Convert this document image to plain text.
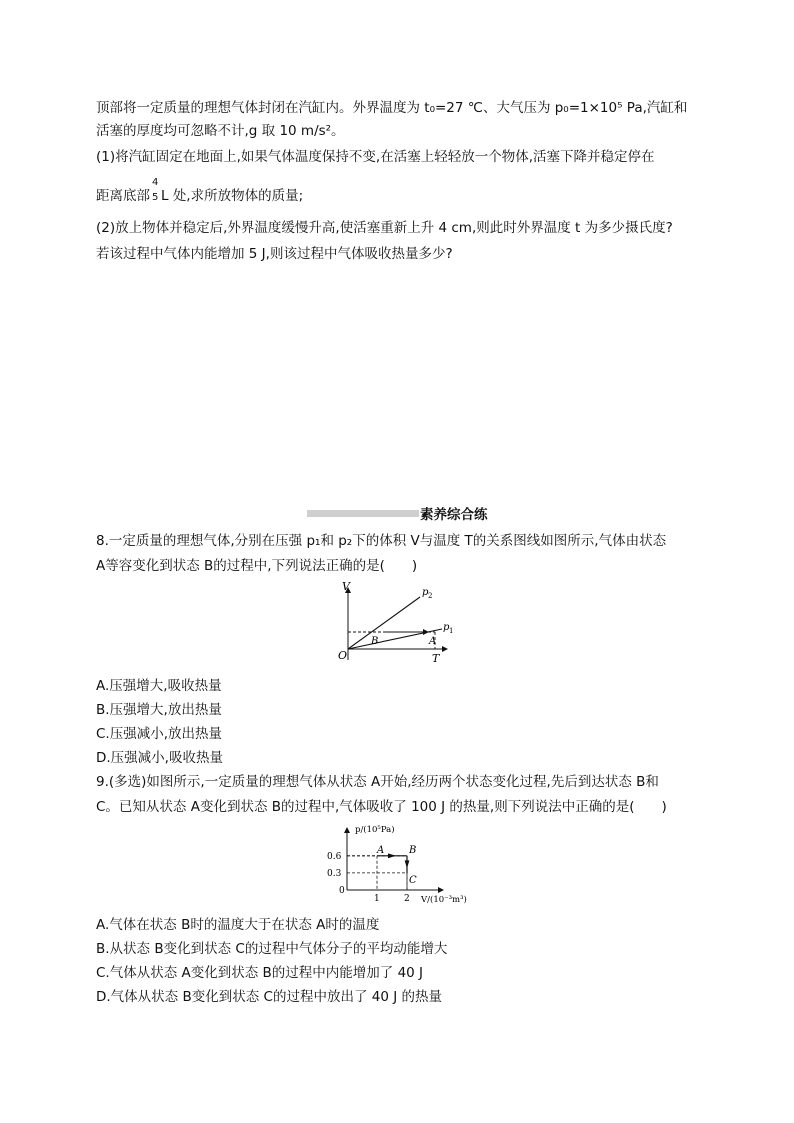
顶部将一定质量的理想气体封闭在汽缸内。外界温度为 t₀=27 ℃、大气压为 p₀=1×10⁵ Pa,汽缸和
活塞的厚度均可忽略不计,g 取 10 m/s²。
(1)将汽缸固定在地面上,如果气体温度保持不变,在活塞上轻轻放一个物体,活塞下降并稳定停在
距离底部 L 处,求所放物体的质量;
4
5
(2)放上物体并稳定后,外界温度缓慢升高,使活塞重新上升 4 cm,则此时外界温度 t 为多少摄氏度?
若该过程中气体内能增加 5 J,则该过程中气体吸收热量多少?
素养综合练
8.一定质量的理想气体,分别在压强 p₁和 p₂下的体积 V与温度 T的关系图线如图所示,气体由状态
A等容变化到状态 B的过程中,下列说法正确的是(　　)
V
T
O
p 2
p 1
B	A
A.压强增大,吸收热量
B.压强增大,放出热量
C.压强减小,放出热量
D.压强减小,吸收热量
9.(多选)如图所示,一定质量的理想气体从状态 A开始,经历两个状态变化过程,先后到达状态 B和
C。已知从状态 A变化到状态 B的过程中,气体吸收了 100 J 的热量,则下列说法中正确的是(　　)
p/(10⁵Pa)
V/(10⁻³m³)
A B
C
0.6
0.3
0
1	2
A.气体在状态 B时的温度大于在状态 A时的温度
B.从状态 B变化到状态 C的过程中气体分子的平均动能增大
C.气体从状态 A变化到状态 B的过程中内能增加了 40 J
D.气体从状态 B变化到状态 C的过程中放出了 40 J 的热量
